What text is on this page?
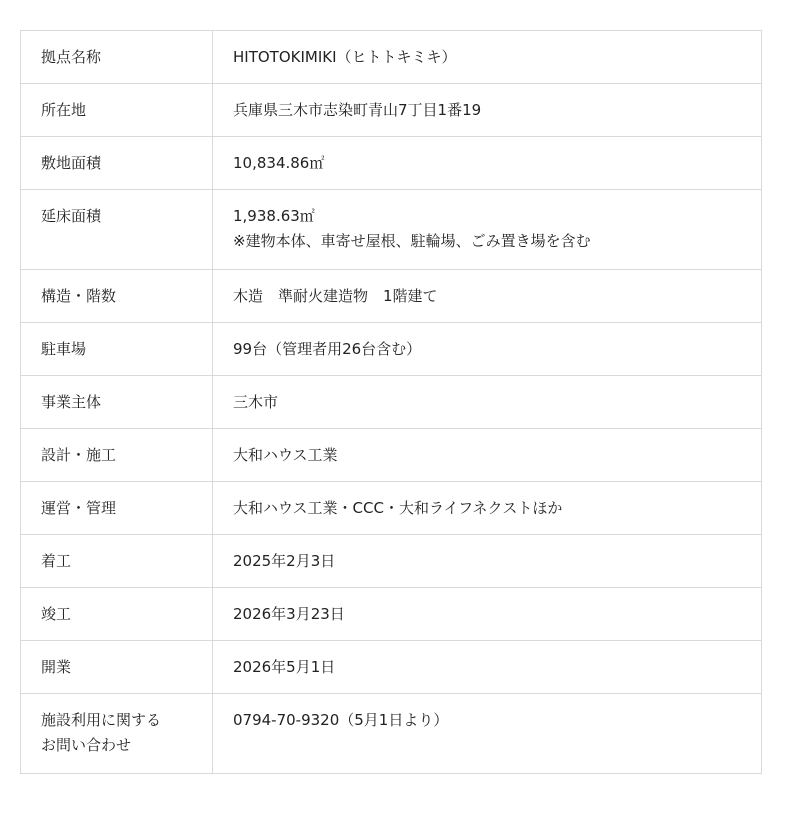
拠点名称	HITOTOKIMIKI（ヒトトキミキ）

所在地	兵庫県三木市志染町青山7丁目1番19

敷地面積	10,834.86㎡

延床面積	1,938.63㎡
※建物本体、車寄せ屋根、駐輪場、ごみ置き場を含む

構造・階数	木造　準耐火建造物　1階建て

駐車場	99台（管理者用26台含む）

事業主体	三木市

設計・施工	大和ハウス工業

運営・管理	大和ハウス工業・CCC・大和ライフネクストほか

着工	2025年2月3日

竣工	2026年3月23日

開業	2026年5月1日

施設利用に関する
お問い合わせ	0794-70-9320（5月1日より）
